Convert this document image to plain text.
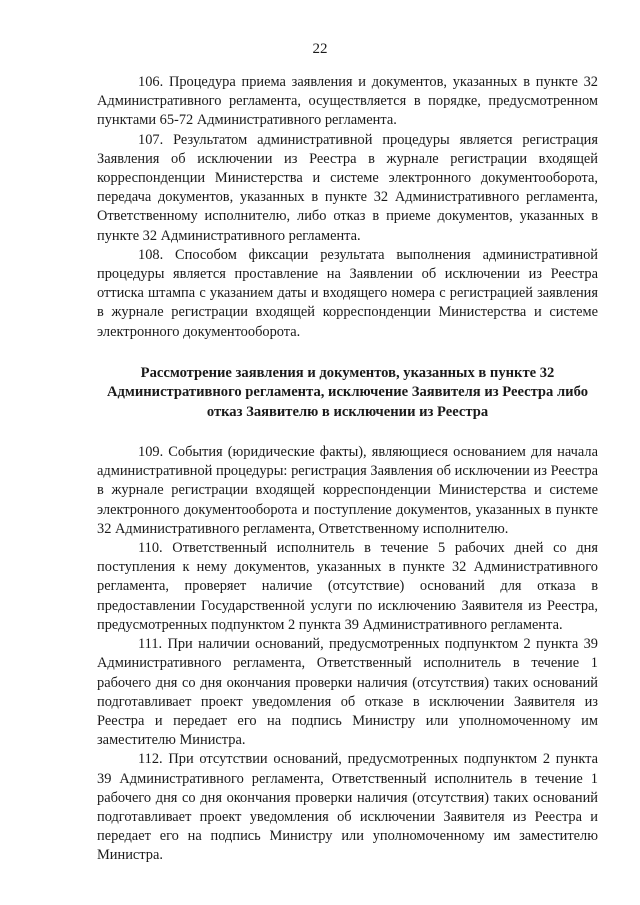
22

106. Процедура приема заявления и документов, указанных в пункте 32 Административного регламента, осуществляется в порядке, предусмотренном пунктами 65-72 Административного регламента.

107. Результатом административной процедуры является регистрация Заявления об исключении из Реестра в журнале регистрации входящей корреспонденции Министерства и системе электронного документооборота, передача документов, указанных в пункте 32 Административного регламента, Ответственному исполнителю, либо отказ в приеме документов, указанных в пункте 32 Административного регламента.

108. Способом фиксации результата выполнения административной процедуры является проставление на Заявлении об исключении из Реестра оттиска штампа с указанием даты и входящего номера с регистрацией заявления в журнале регистрации входящей корреспонденции Министерства и системе электронного документооборота.

Рассмотрение заявления и документов, указанных в пункте 32 Административного регламента, исключение Заявителя из Реестра либо отказ Заявителю в исключении из Реестра

109. События (юридические факты), являющиеся основанием для начала административной процедуры: регистрация Заявления об исключении из Реестра в журнале регистрации входящей корреспонденции Министерства и системе электронного документооборота и поступление документов, указанных в пункте 32 Административного регламента, Ответственному исполнителю.

110. Ответственный исполнитель в течение 5 рабочих дней со дня поступления к нему документов, указанных в пункте 32 Административного регламента, проверяет наличие (отсутствие) оснований для отказа в предоставлении Государственной услуги по исключению Заявителя из Реестра, предусмотренных подпунктом 2 пункта 39 Административного регламента.

111. При наличии оснований, предусмотренных подпунктом 2 пункта 39 Административного регламента, Ответственный исполнитель в течение 1 рабочего дня со дня окончания проверки наличия (отсутствия) таких оснований подготавливает проект уведомления об отказе в исключении Заявителя из Реестра и передает его на подпись Министру или уполномоченному им заместителю Министра.

112. При отсутствии оснований, предусмотренных подпунктом 2 пункта 39 Административного регламента, Ответственный исполнитель в течение 1 рабочего дня со дня окончания проверки наличия (отсутствия) таких оснований подготавливает проект уведомления об исключении Заявителя из Реестра и передает его на подпись Министру или уполномоченному им заместителю Министра.
